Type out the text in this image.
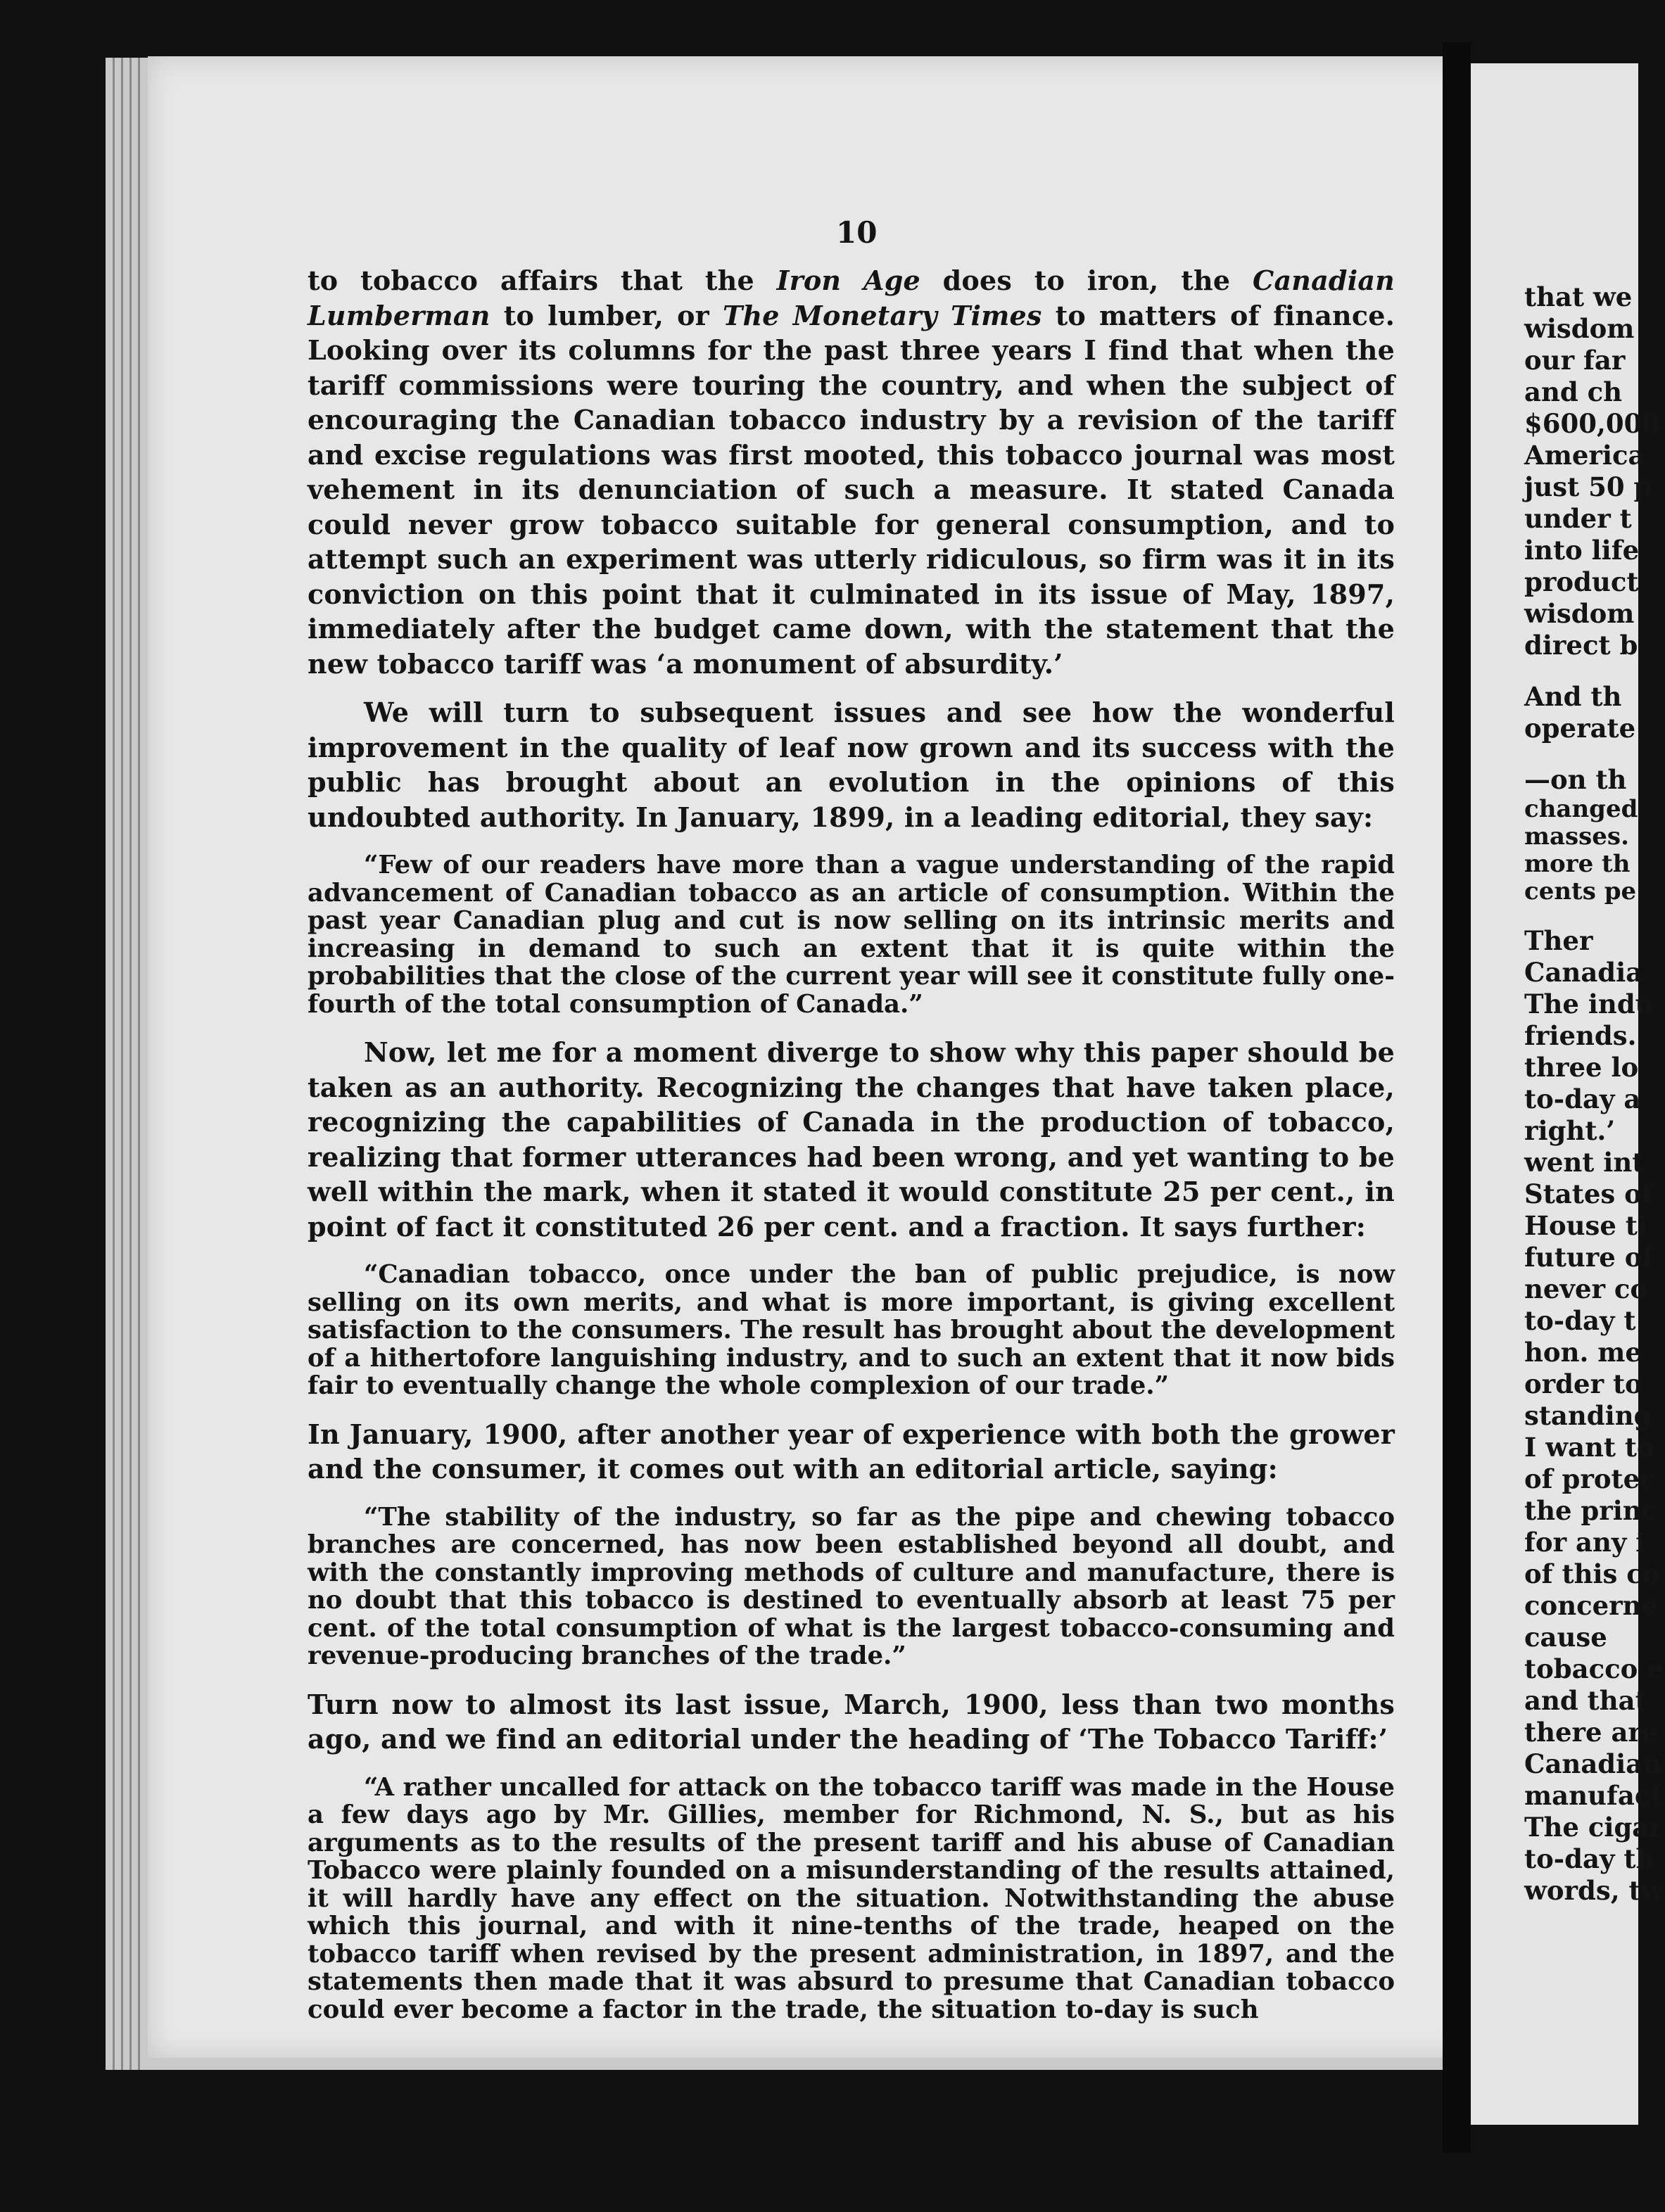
that we
wisdom
our far
and ch
$600,000
America
just 50 p
under t
into life
product
wisdom
direct b
And th
operate
—on th
changed
masses.
more th
cents pe
Ther
Canadia
The indu
friends.
three lo
to-day a
right.’
went int
States of
House ti
future of
never co
to-day t
hon. me
order to
standing
I want to
of protec
the princ
for any i
of this co
concerne
cause
tobacco e
and that
there are
Canadian
manufact
The cigar
to-day th
words, tw
10

to tobacco affairs that the Iron Age does to iron, the Canadian Lumberman to lumber, or The Monetary Times to matters of finance. Looking over its columns for the past three years I find that when the tariff commissions were touring the country, and when the subject of encouraging the Canadian tobacco industry by a revision of the tariff and excise regulations was first mooted, this tobacco journal was most vehement in its denunciation of such a measure. It stated Canada could never grow tobacco suitable for general consumption, and to attempt such an experiment was utterly ridiculous, so firm was it in its conviction on this point that it culminated in its issue of May, 1897, immediately after the budget came down, with the statement that the new tobacco tariff was ‘a monument of absurdity.’

We will turn to subsequent issues and see how the wonderful improvement in the quality of leaf now grown and its success with the public has brought about an evolution in the opinions of this undoubted authority. In January, 1899, in a leading editorial, they say:

“Few of our readers have more than a vague understanding of the rapid advancement of Canadian tobacco as an article of consumption. Within the past year Canadian plug and cut is now selling on its intrinsic merits and increasing in demand to such an extent that it is quite within the probabilities that the close of the current year will see it constitute fully one-fourth of the total consumption of Canada.”

Now, let me for a moment diverge to show why this paper should be taken as an authority. Recognizing the changes that have taken place, recognizing the capabilities of Canada in the production of tobacco, realizing that former utterances had been wrong, and yet wanting to be well within the mark, when it stated it would constitute 25 per cent., in point of fact it constituted 26 per cent. and a fraction. It says further:

“Canadian tobacco, once under the ban of public prejudice, is now selling on its own merits, and what is more important, is giving excellent satisfaction to the consumers. The result has brought about the development of a hithertofore languishing industry, and to such an extent that it now bids fair to eventually change the whole complexion of our trade.”

In January, 1900, after another year of experience with both the grower and the consumer, it comes out with an editorial article, saying:

“The stability of the industry, so far as the pipe and chewing tobacco branches are concerned, has now been established beyond all doubt, and with the constantly improving methods of culture and manufacture, there is no doubt that this tobacco is destined to eventually absorb at least 75 per cent. of the total consumption of what is the largest tobacco-consuming and revenue-producing branches of the trade.”

Turn now to almost its last issue, March, 1900, less than two months ago, and we find an editorial under the heading of ‘The Tobacco Tariff:’

“A rather uncalled for attack on the tobacco tariff was made in the House a few days ago by Mr. Gillies, member for Richmond, N. S., but as his arguments as to the results of the present tariff and his abuse of Canadian Tobacco were plainly founded on a misunderstanding of the results attained, it will hardly have any effect on the situation. Notwithstanding the abuse which this journal, and with it nine-tenths of the trade, heaped on the tobacco tariff when revised by the present administration, in 1897, and the statements then made that it was absurd to presume that Canadian tobacco could ever become a factor in the trade, the situation to-day is such
